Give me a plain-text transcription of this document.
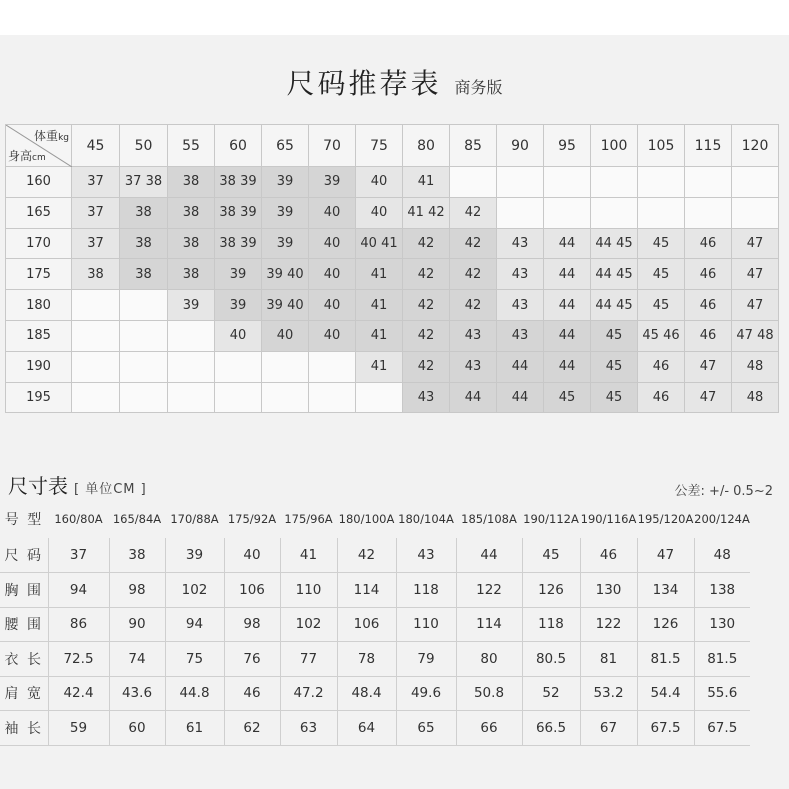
尺码推荐表 商务版
体重kg
身高cm	45	50	55	60	65	70	75	80	85	90	95	100	105	115	120
160	37	37 38	38	38 39	39	39	40	41							
165	37	38	38	38 39	39	40	40	41 42	42						
170	37	38	38	38 39	39	40	40 41	42	42	43	44	44 45	45	46	47
175	38	38	38	39	39 40	40	41	42	42	43	44	44 45	45	46	47
180			39	39	39 40	40	41	42	42	43	44	44 45	45	46	47
185				40	40	40	41	42	43	43	44	45	45 46	46	47 48
190							41	42	43	44	44	45	46	47	48
195								43	44	44	45	45	46	47	48
尺寸表 [ 单位CM ]	公差: +/- 0.5~2
号 型 160/80A 165/84A 170/88A 175/92A 175/96A 180/100A 180/104A 185/108A 190/112A 190/116A 195/120A 200/124A
尺 码	37	38	39	40	41	42	43	44	45	46	47	48
胸 围	94	98	102	106	110	114	118	122	126	130	134	138
腰 围	86	90	94	98	102	106	110	114	118	122	126	130
衣 长	72.5	74	75	76	77	78	79	80	80.5	81	81.5	81.5
肩 宽	42.4	43.6	44.8	46	47.2	48.4	49.6	50.8	52	53.2	54.4	55.6
袖 长	59	60	61	62	63	64	65	66	66.5	67	67.5	67.5
